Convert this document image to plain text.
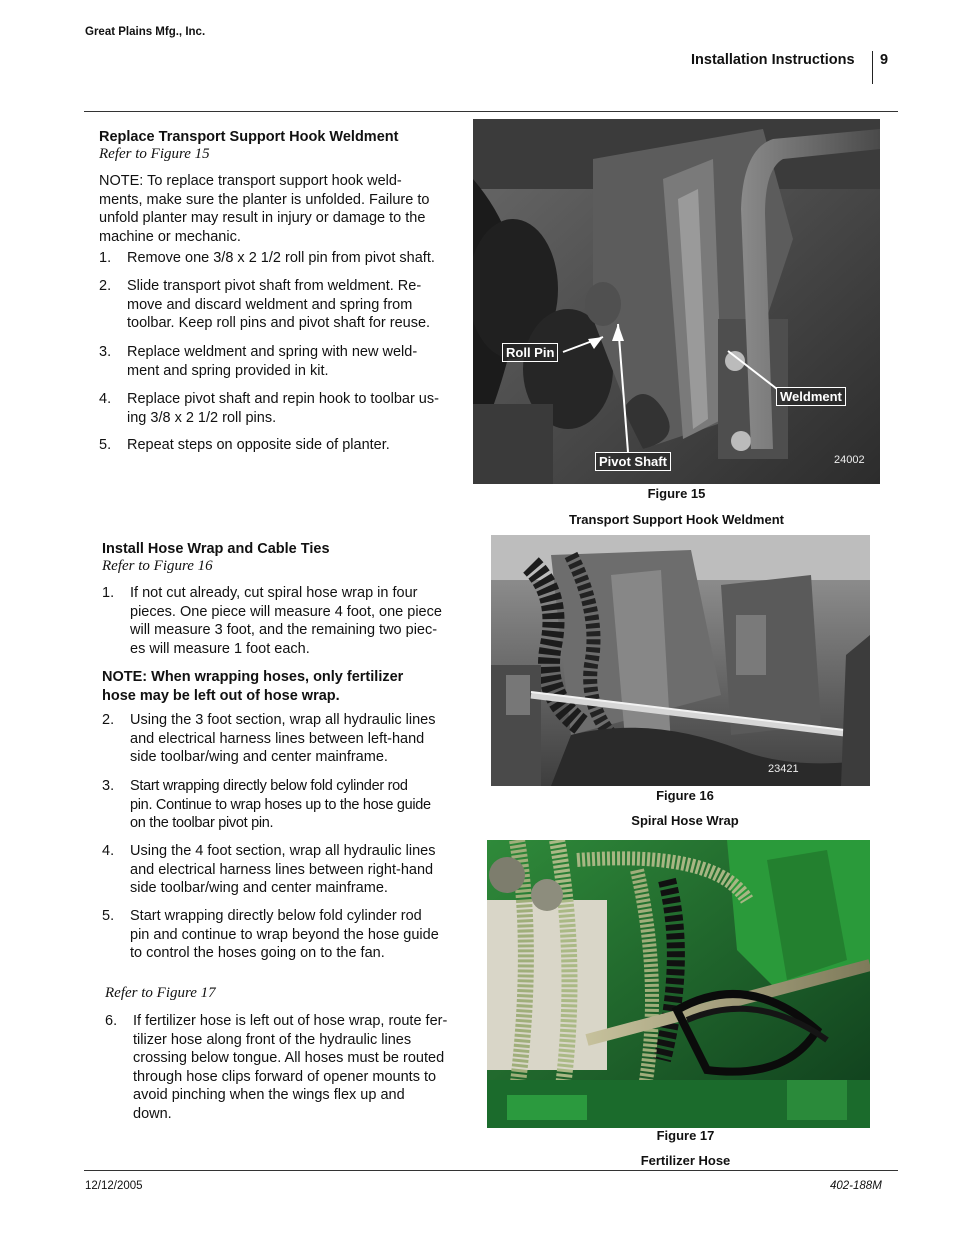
Great Plains Mfg., Inc.
Installation Instructions 9
Replace Transport Support Hook Weldment
Refer to Figure 15
NOTE: To replace transport support hook weld-
ments, make sure the planter is unfolded. Failure to
unfold planter may result in injury or damage to the
machine or mechanic.
1. Remove one 3/8 x 2 1/2 roll pin from pivot shaft.
2. Slide transport pivot shaft from weldment. Re-
move and discard weldment and spring from
toolbar. Keep roll pins and pivot shaft for reuse.
3. Replace weldment and spring with new weld-
ment and spring provided in kit.
4. Replace pivot shaft and repin hook to toolbar us-
ing 3/8 x 2 1/2 roll pins.
5. Repeat steps on opposite side of planter.
Roll Pin
Pivot Shaft
Weldment
24002
Figure 15
Transport Support Hook Weldment
Install Hose Wrap and Cable Ties
Refer to Figure 16
1. If not cut already, cut spiral hose wrap in four
pieces. One piece will measure 4 foot, one piece
will measure 3 foot, and the remaining two piec-
es will measure 1 foot each.
NOTE: When wrapping hoses, only fertilizer
hose may be left out of hose wrap.
2. Using the 3 foot section, wrap all hydraulic lines
and electrical harness lines between left-hand
side toolbar/wing and center mainframe.
3. Start wrapping directly below fold cylinder rod
pin. Continue to wrap hoses up to the hose guide
on the toolbar pivot pin.
4. Using the 4 foot section, wrap all hydraulic lines
and electrical harness lines between right-hand
side toolbar/wing and center mainframe.
5. Start wrapping directly below fold cylinder rod
pin and continue to wrap beyond the hose guide
to control the hoses going on to the fan.
Refer to Figure 17
6. If fertilizer hose is left out of hose wrap, route fer-
tilizer hose along front of the hydraulic lines
crossing below tongue. All hoses must be routed
through hose clips forward of opener mounts to
avoid pinching when the wings flex up and
down.
23421
Figure 16
Spiral Hose Wrap
Figure 17
Fertilizer Hose
12/12/2005	402-188M
